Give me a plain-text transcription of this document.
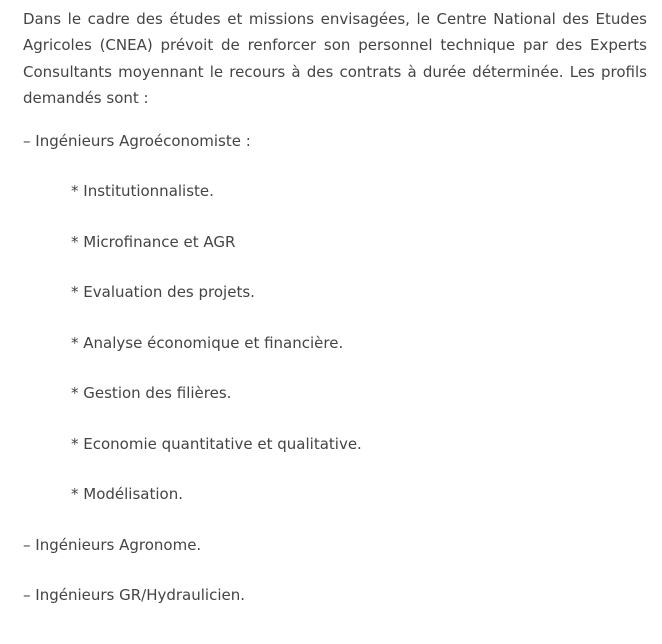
Dans le cadre des études et missions envisagées, le Centre National des Etudes Agricoles (CNEA) prévoit de renforcer son personnel technique par des Experts Consultants moyennant le recours à des contrats à durée déterminée. Les profils demandés sont :

– Ingénieurs Agroéconomiste :

* Institutionnaliste.

* Microfinance et AGR

* Evaluation des projets.

* Analyse économique et financière.

* Gestion des filières.

* Economie quantitative et qualitative.

* Modélisation.

– Ingénieurs Agronome.

– Ingénieurs GR/Hydraulicien.
